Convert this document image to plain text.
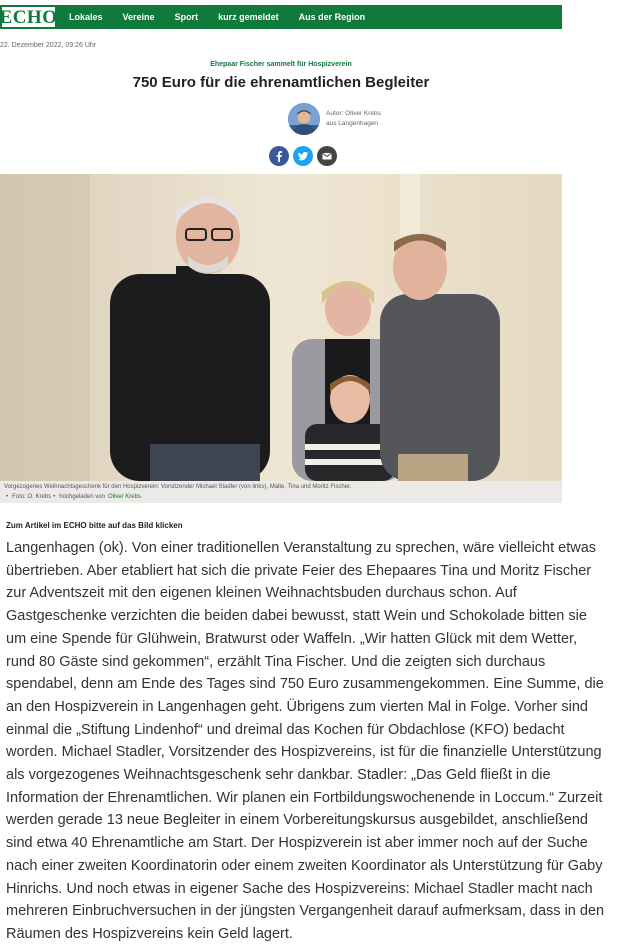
ECHO Lokales Vereine Sport kurz gemeldet Aus der Region
22. Dezember 2022, 09:26 Uhr
Ehepaar Fischer sammelt für Hospizverein
750 Euro für die ehrenamtlichen Begleiter
Autor: Oliver Krebs
aus Langenhagen
Vorgezogenes Weihnachtsgeschenk für den Hospizverein: Vorsitzender Michael Stadler (von links), Malte, Tina und Moritz Fischer.
• Foto: O. Krebs • hochgeladen von Oliver Krebs
Zum Artikel im ECHO bitte auf das Bild klicken
Langenhagen (ok). Von einer traditionellen Veranstaltung zu sprechen, wäre vielleicht etwas übertrieben. Aber etabliert hat sich die private Feier des Ehepaares Tina und Moritz Fischer zur Adventszeit mit den eigenen kleinen Weihnachtsbuden durchaus schon. Auf Gastgeschenke verzichten die beiden dabei bewusst, statt Wein und Schokolade bitten sie um eine Spende für Glühwein, Bratwurst oder Waffeln. „Wir hatten Glück mit dem Wetter, rund 80 Gäste sind gekommen“, erzählt Tina Fischer. Und die zeigten sich durchaus spendabel, denn am Ende des Tages sind 750 Euro zusammengekommen. Eine Summe, die an den Hospizverein in Langenhagen geht. Übrigens zum vierten Mal in Folge. Vorher sind einmal die „Stiftung Lindenhof“ und dreimal das Kochen für Obdachlose (KFO) bedacht worden. Michael Stadler, Vorsitzender des Hospizvereins, ist für die finanzielle Unterstützung als vorgezogenes Weihnachtsgeschenk sehr dankbar. Stadler: „Das Geld fließt in die Information der Ehrenamtlichen. Wir planen ein Fortbildungswochenende in Loccum.“ Zurzeit werden gerade 13 neue Begleiter in einem Vorbereitungskursus ausgebildet, anschließend sind etwa 40 Ehrenamtliche am Start. Der Hospizverein ist aber immer noch auf der Suche nach einer zweiten Koordinatorin oder einem zweiten Koordinator als Unterstützung für Gaby Hinrichs. Und noch etwas in eigener Sache des Hospizvereins: Michael Stadler macht nach mehreren Einbruchversuchen in der jüngsten Vergangenheit darauf aufmerksam, dass in den Räumen des Hospizvereins kein Geld lagert.
